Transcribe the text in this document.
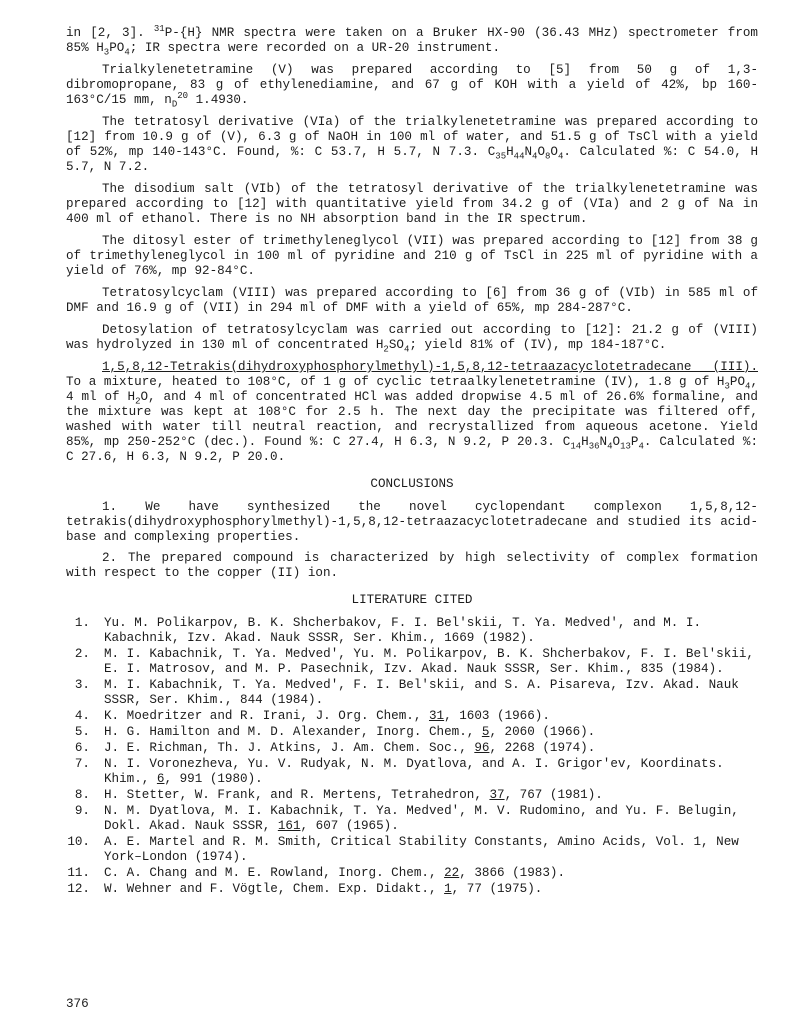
in [2, 3]. $^{31}$P-{H} NMR spectra were taken on a Bruker HX-90 (36.43 MHz) spectrometer from 85% $H_3PO_4$; IR spectra were recorded on a UR-20 instrument.

Trialkylenetetramine (V) was prepared according to [5] from 50 g of 1,3-dibromopropane, 83 g of ethylenediamine, and 67 g of KOH with a yield of 42%, bp 160-163°C/15 mm, $n_D^{20}$ 1.4930.

The tetratosyl derivative (VIa) of the trialkylenetetramine was prepared according to [12] from 10.9 g of (V), 6.3 g of NaOH in 100 ml of water, and 51.5 g of TsCl with a yield of 52%, mp 140-143°C. Found, %: C 53.7, H 5.7, N 7.3. $C_{35}H_{44}N_4O_8O_4$. Calculated %: C 54.0, H 5.7, N 7.2.

The disodium salt (VIb) of the tetratosyl derivative of the trialkylenetetramine was prepared according to [12] with quantitative yield from 34.2 g of (VIa) and 2 g of Na in 400 ml of ethanol. There is no NH absorption band in the IR spectrum.

The ditosyl ester of trimethyleneglycol (VII) was prepared according to [12] from 38 g of trimethyleneglycol in 100 ml of pyridine and 210 g of TsCl in 225 ml of pyridine with a yield of 76%, mp 92-84°C.

Tetratosylcyclam (VIII) was prepared according to [6] from 36 g of (VIb) in 585 ml of DMF and 16.9 g of (VII) in 294 ml of DMF with a yield of 65%, mp 284-287°C.

Detosylation of tetratosylcyclam was carried out according to [12]: 21.2 g of (VIII) was hydrolyzed in 130 ml of concentrated $H_2SO_4$; yield 81% of (IV), mp 184-187°C.

1,5,8,12-Tetrakis(dihydroxyphosphorylmethyl)-1,5,8,12-tetraazacyclotetradecane (III). To a mixture, heated to 108°C, of 1 g of cyclic tetraalkylenetetramine (IV), 1.8 g of $H_3PO_4$, 4 ml of $H_2O$, and 4 ml of concentrated HCl was added dropwise 4.5 ml of 26.6% formaline, and the mixture was kept at 108°C for 2.5 h. The next day the precipitate was filtered off, washed with water till neutral reaction, and recrystallized from aqueous acetone. Yield 85%, mp 250-252°C (dec.). Found %: C 27.4, H 6.3, N 9.2, P 20.3. $C_{14}H_{36}N_4O_{13}P_4$. Calculated %: C 27.6, H 6.3, N 9.2, P 20.0.

CONCLUSIONS

1. We have synthesized the novel cyclopendant complexon 1,5,8,12-tetrakis(dihydroxyphosphorylmethyl)-1,5,8,12-tetraazacyclotetradecane and studied its acid-base and complexing properties.

2. The prepared compound is characterized by high selectivity of complex formation with respect to the copper (II) ion.

LITERATURE CITED
1. Yu. M. Polikarpov, B. K. Shcherbakov, F. I. Bel'skii, T. Ya. Medved', and M. I. Kabachnik, Izv. Akad. Nauk SSSR, Ser. Khim., 1669 (1982).
2. M. I. Kabachnik, T. Ya. Medved', Yu. M. Polikarpov, B. K. Shcherbakov, F. I. Bel'skii, E. I. Matrosov, and M. P. Pasechnik, Izv. Akad. Nauk SSSR, Ser. Khim., 835 (1984).
3. M. I. Kabachnik, T. Ya. Medved', F. I. Bel'skii, and S. A. Pisareva, Izv. Akad. Nauk SSSR, Ser. Khim., 844 (1984).
4. K. Moedritzer and R. Irani, J. Org. Chem., 31, 1603 (1966).
5. H. G. Hamilton and M. D. Alexander, Inorg. Chem., 5, 2060 (1966).
6. J. E. Richman, Th. J. Atkins, J. Am. Chem. Soc., 96, 2268 (1974).
7. N. I. Voronezheva, Yu. V. Rudyak, N. M. Dyatlova, and A. I. Grigor'ev, Koordinats. Khim., 6, 991 (1980).
8. H. Stetter, W. Frank, and R. Mertens, Tetrahedron, 37, 767 (1981).
9. N. M. Dyatlova, M. I. Kabachnik, T. Ya. Medved', M. V. Rudomino, and Yu. F. Belugin, Dokl. Akad. Nauk SSSR, 161, 607 (1965).
10. A. E. Martel and R. M. Smith, Critical Stability Constants, Amino Acids, Vol. 1, New York–London (1974).
11. C. A. Chang and M. E. Rowland, Inorg. Chem., 22, 3866 (1983).
12. W. Wehner and F. Vögtle, Chem. Exp. Didakt., 1, 77 (1975).
376
